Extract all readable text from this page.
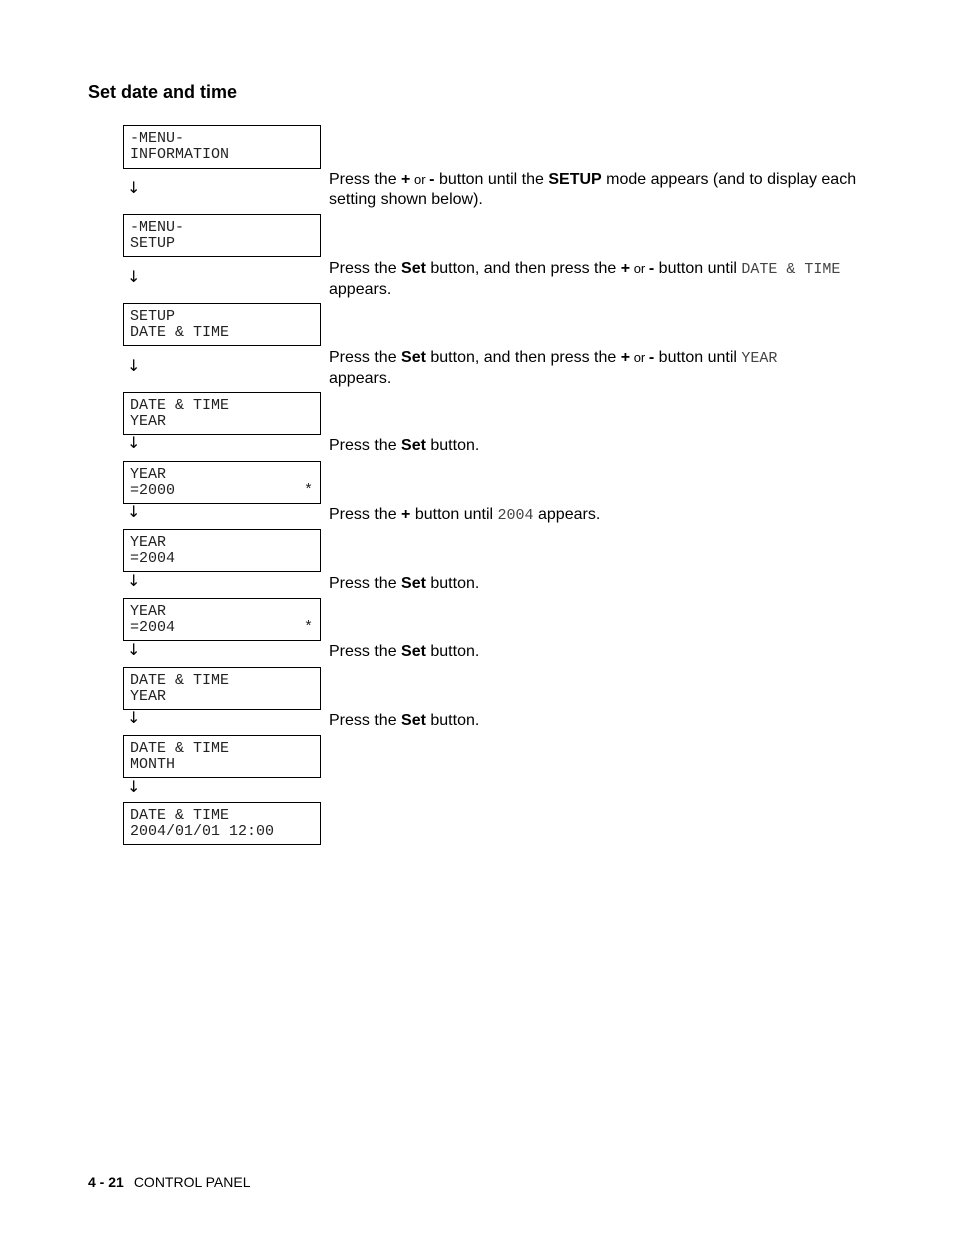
Set date and time
-MENU-
INFORMATION
-MENU-
SETUP
SETUP
DATE & TIME
DATE & TIME
YEAR
YEAR
=2000	*
YEAR
=2004
YEAR
=2004	*
DATE & TIME
YEAR
DATE & TIME
MONTH
DATE & TIME
2004/01/01 12:00
↓
↓
↓
↓
↓
↓
↓
↓
↓
Press the + or - button until the SETUP mode appears (and to display each setting shown below).
Press the Set button, and then press the + or - button until DATE & TIME appears.
Press the Set button, and then press the + or - button until YEAR
appears.
Press the Set button.
Press the + button until 2004 appears.
Press the Set button.
Press the Set button.
Press the Set button.
4 - 21 CONTROL PANEL
